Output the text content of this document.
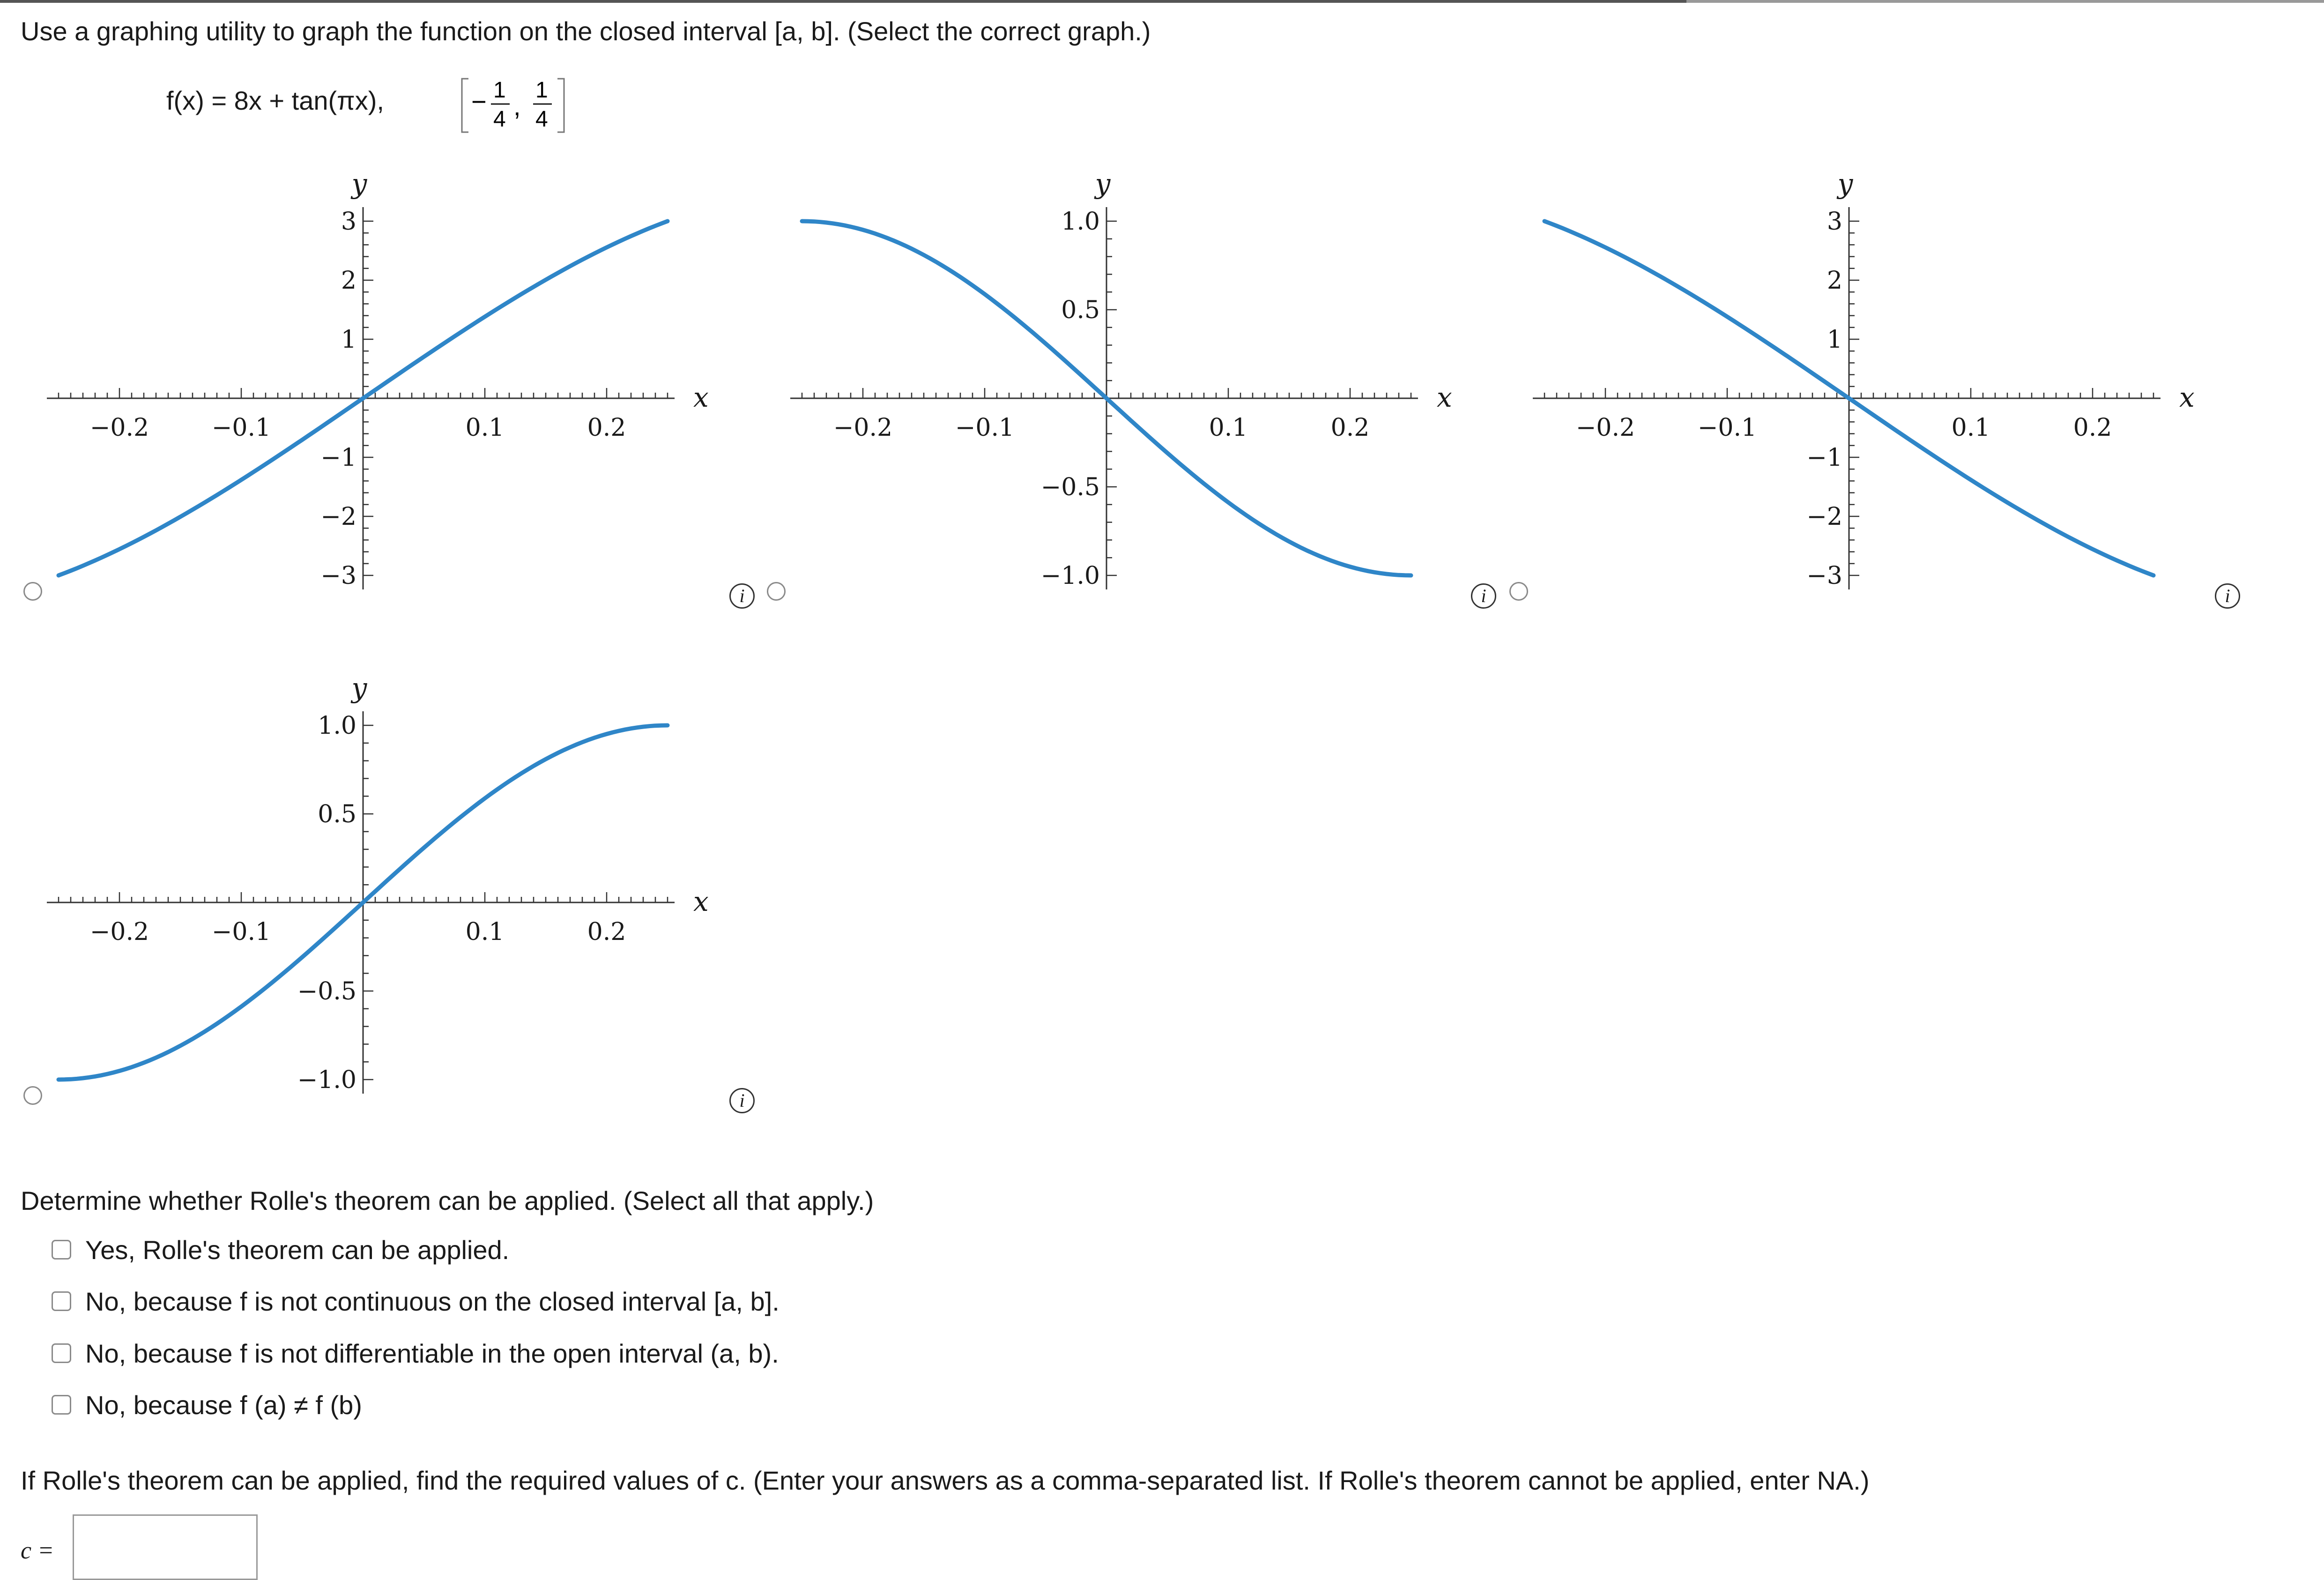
Use a graphing utility to graph the function on the closed interval [a, b]. (Select the correct graph.)
f(x) = 8x + tan(πx),	− 1
4 ,
1
4
−0.2	−0.1	0.1	0.2
3
2
1
−1
−2
−3
x
y
i
−0.2	−0.1	0.1	0.2
1.0
0.5
−0.5
−1.0
x
y
i
−0.2	−0.1	0.1	0.2
3
2
1
−1
−2
−3
x
y
i
−0.2	−0.1	0.1	0.2
1.0
0.5
−0.5
−1.0
x
y
i
Determine whether Rolle's theorem can be applied. (Select all that apply.)
Yes, Rolle's theorem can be applied.
No, because f is not continuous on the closed interval [a, b].
No, because f is not differentiable in the open interval (a, b).
No, because f (a) ≠ f (b)
If Rolle's theorem can be applied, find the required values of c. (Enter your answers as a comma-separated list. If Rolle's theorem cannot be applied, enter NA.)
c =
